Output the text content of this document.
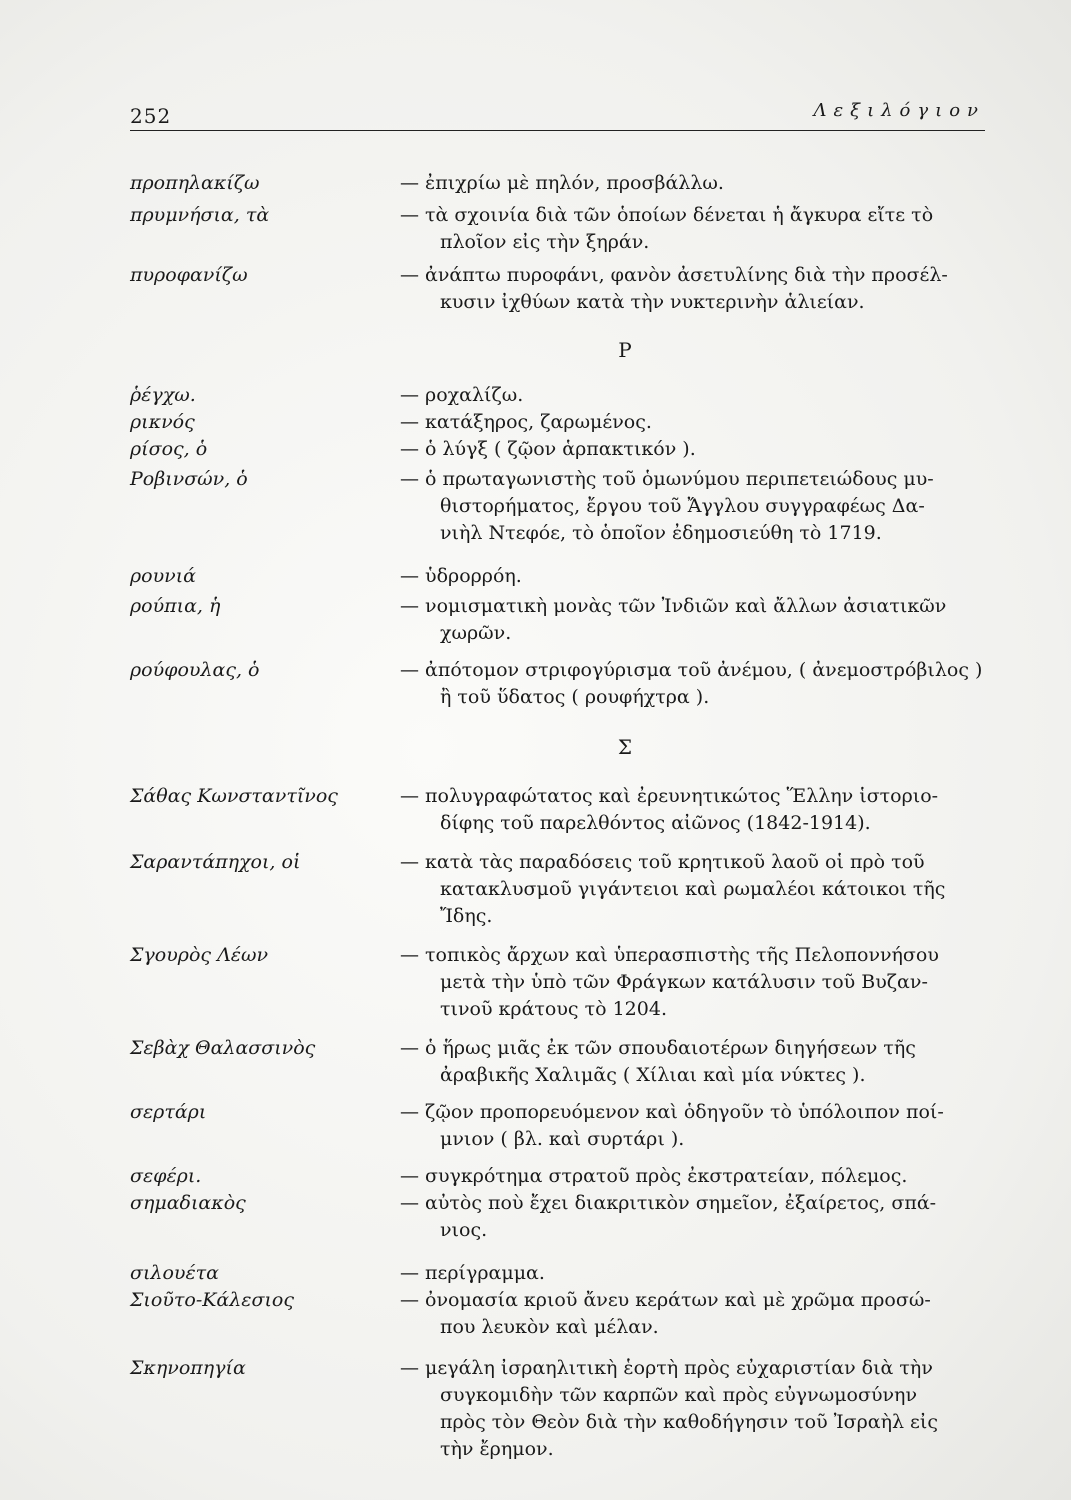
252	Λεξιλόγιον
προπηλακίζω	— ἐπιχρίω μὲ πηλόν, προσβάλλω.
πρυμνήσια, τὰ	— τὰ σχοινία διὰ τῶν ὁποίων δένεται ἡ ἄγκυρα εἴτε τὸ
πλοῖον εἰς τὴν ξηράν.
πυροφανίζω	— ἀνάπτω πυροφάνι, φανὸν ἀσετυλίνης διὰ τὴν προσέλ-
κυσιν ἰχθύων κατὰ τὴν νυκτερινὴν ἁλιείαν.
Ρ
ῥέγχω.	— ροχαλίζω.
ρικνός	— κατάξηρος, ζαρωμένος.
ρίσος, ὁ	— ὁ λύγξ ( ζῷον ἁρπακτικόν ).
Ροβινσών, ὁ	— ὁ πρωταγωνιστὴς τοῦ ὁμωνύμου περιπετειώδους μυ-
θιστορήματος, ἔργου τοῦ Ἄγγλου συγγραφέως Δα-
νιὴλ Ντεφόε, τὸ ὁποῖον ἐδημοσιεύθη τὸ 1719.
ρουνιά	— ὑδρορρόη.
ρούπια, ἡ	— νομισματικὴ μονὰς τῶν Ἰνδιῶν καὶ ἄλλων ἀσιατικῶν
χωρῶν.
ρούφουλας, ὁ	— ἀπότομον στριφογύρισμα τοῦ ἀνέμου, ( ἀνεμοστρόβιλος )
ἢ τοῦ ὕδατος ( ρουφήχτρα ).
Σ
Σάθας Κωνσταντῖνος	— πολυγραφώτατος καὶ ἐρευνητικώτος Ἕλλην ἱστοριο-
δίφης τοῦ παρελθόντος αἰῶνος (1842-1914).
Σαραντάπηχοι, οἱ	— κατὰ τὰς παραδόσεις τοῦ κρητικοῦ λαοῦ οἱ πρὸ τοῦ
κατακλυσμοῦ γιγάντειοι καὶ ρωμαλέοι κάτοικοι τῆς
Ἴδης.
Σγουρὸς Λέων	— τοπικὸς ἄρχων καὶ ὑπερασπιστὴς τῆς Πελοποννήσου
μετὰ τὴν ὑπὸ τῶν Φράγκων κατάλυσιν τοῦ Βυζαν-
τινοῦ κράτους τὸ 1204.
Σεβὰχ Θαλασσινὸς	— ὁ ἥρως μιᾶς ἐκ τῶν σπουδαιοτέρων διηγήσεων τῆς
ἀραβικῆς Χαλιμᾶς ( Χίλιαι καὶ μία νύκτες ).
σερτάρι	— ζῷον προπορευόμενον καὶ ὁδηγοῦν τὸ ὑπόλοιπον ποί-
μνιον ( βλ. καὶ συρτάρι ).
σεφέρι.	— συγκρότημα στρατοῦ πρὸς ἐκστρατείαν, πόλεμος.
σημαδιακὸς	— αὐτὸς ποὺ ἔχει διακριτικὸν σημεῖον, ἐξαίρετος, σπά-
νιος.
σιλουέτα	— περίγραμμα.
Σιοῦτο-Κάλεσιος	— ὀνομασία κριοῦ ἄνευ κεράτων καὶ μὲ χρῶμα προσώ-
που λευκὸν καὶ μέλαν.
Σκηνοπηγία	— μεγάλη ἰσραηλιτικὴ ἑορτὴ πρὸς εὐχαριστίαν διὰ τὴν
συγκομιδὴν τῶν καρπῶν καὶ πρὸς εὐγνωμοσύνην
πρὸς τὸν Θεὸν διὰ τὴν καθοδήγησιν τοῦ Ἰσραὴλ εἰς
τὴν ἔρημον.
